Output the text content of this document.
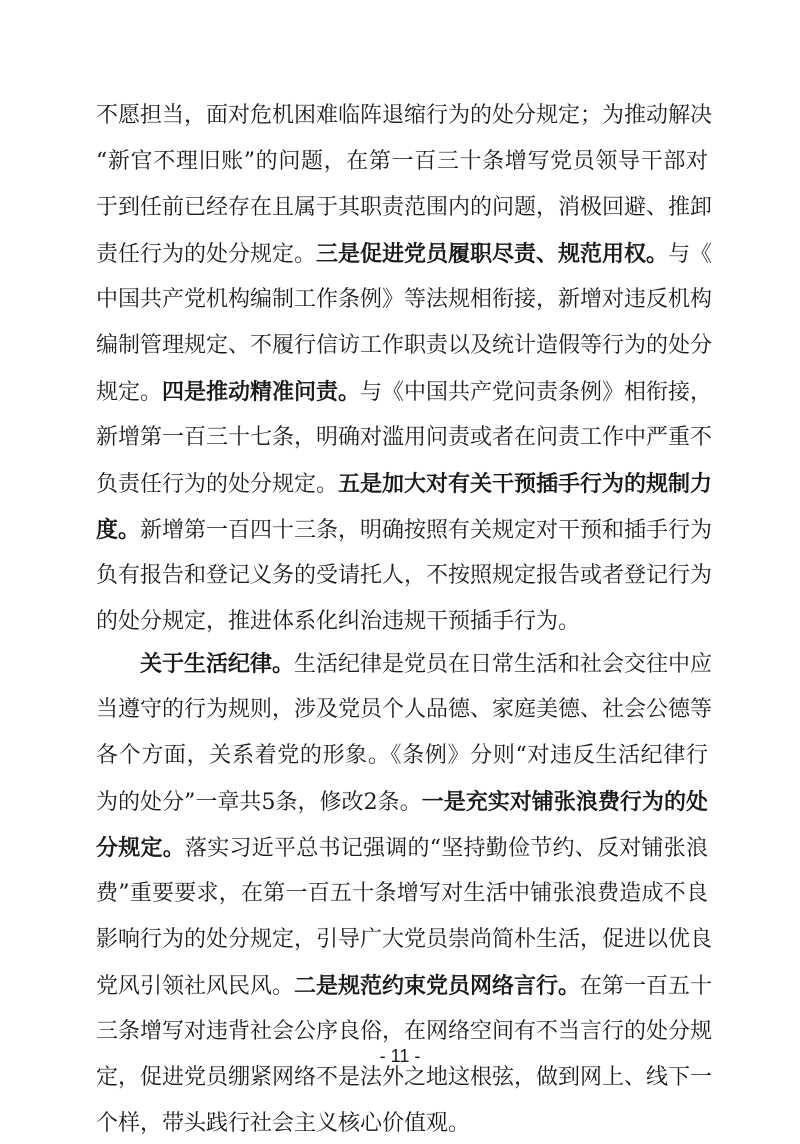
不愿担当，面对危机困难临阵退缩行为的处分规定；为推动解决
“新官不理旧账”的问题，在第一百三十条增写党员领导干部对
于到任前已经存在且属于其职责范围内的问题，消极回避、推卸
责任行为的处分规定。三是促进党员履职尽责、规范用权。与《
中国共产党机构编制工作条例》等法规相衔接，新增对违反机构
编制管理规定、不履行信访工作职责以及统计造假等行为的处分
规定。四是推动精准问责。与《中国共产党问责条例》相衔接，
新增第一百三十七条，明确对滥用问责或者在问责工作中严重不
负责任行为的处分规定。五是加大对有关干预插手行为的规制力
度。新增第一百四十三条，明确按照有关规定对干预和插手行为
负有报告和登记义务的受请托人，不按照规定报告或者登记行为
的处分规定，推进体系化纠治违规干预插手行为。
关于生活纪律。生活纪律是党员在日常生活和社会交往中应
当遵守的行为规则，涉及党员个人品德、家庭美德、社会公德等
各个方面，关系着党的形象。《条例》分则“对违反生活纪律行
为的处分”一章共5条，修改2条。一是充实对铺张浪费行为的处
分规定。落实习近平总书记强调的“坚持勤俭节约、反对铺张浪
费”重要要求，在第一百五十条增写对生活中铺张浪费造成不良
影响行为的处分规定，引导广大党员崇尚简朴生活，促进以优良
党风引领社风民风。二是规范约束党员网络言行。在第一百五十
三条增写对违背社会公序良俗，在网络空间有不当言行的处分规
定，促进党员绷紧网络不是法外之地这根弦，做到网上、线下一
个样，带头践行社会主义核心价值观。
- 11 -
